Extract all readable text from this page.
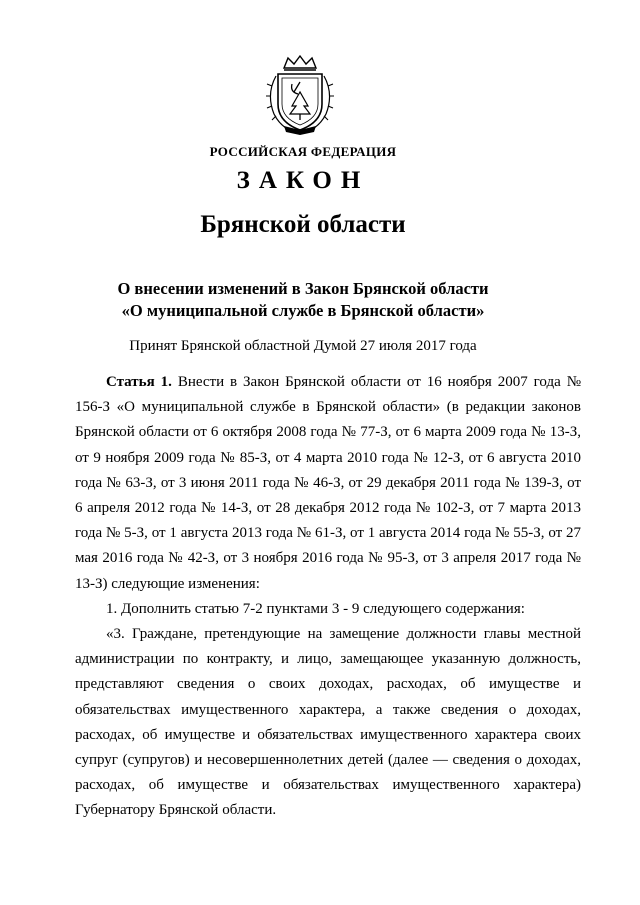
РОССИЙСКАЯ ФЕДЕРАЦИЯ
ЗАКОН
Брянской области
О внесении изменений в Закон Брянской области
«О муниципальной службе в Брянской области»
Принят Брянской областной Думой 27 июля 2017 года

Статья 1. Внести в Закон Брянской области от 16 ноября 2007 года № 156-З «О муниципальной службе в Брянской области» (в редакции законов Брянской области от 6 октября 2008 года № 77-З, от 6 марта 2009 года № 13-З, от 9 ноября 2009 года № 85-З, от 4 марта 2010 года № 12-З, от 6 августа 2010 года № 63-З, от 3 июня 2011 года № 46-З, от 29 декабря 2011 года № 139-З, от 6 апреля 2012 года № 14-З, от 28 декабря 2012 года № 102-З, от 7 марта 2013 года № 5-З, от 1 августа 2013 года № 61-З, от 1 августа 2014 года № 55-З, от 27 мая 2016 года № 42-З, от 3 ноября 2016 года № 95-З, от 3 апреля 2017 года № 13-З) следующие изменения:

1. Дополнить статью 7-2 пунктами 3 - 9 следующего содержания:

«3. Граждане, претендующие на замещение должности главы местной администрации по контракту, и лицо, замещающее указанную должность, представляют сведения о своих доходах, расходах, об имуществе и обязательствах имущественного характера, а также сведения о доходах, расходах, об имуществе и обязательствах имущественного характера своих супруг (супругов) и несовершеннолетних детей (далее — сведения о доходах, расходах, об имуществе и обязательствах имущественного характера) Губернатору Брянской области.
